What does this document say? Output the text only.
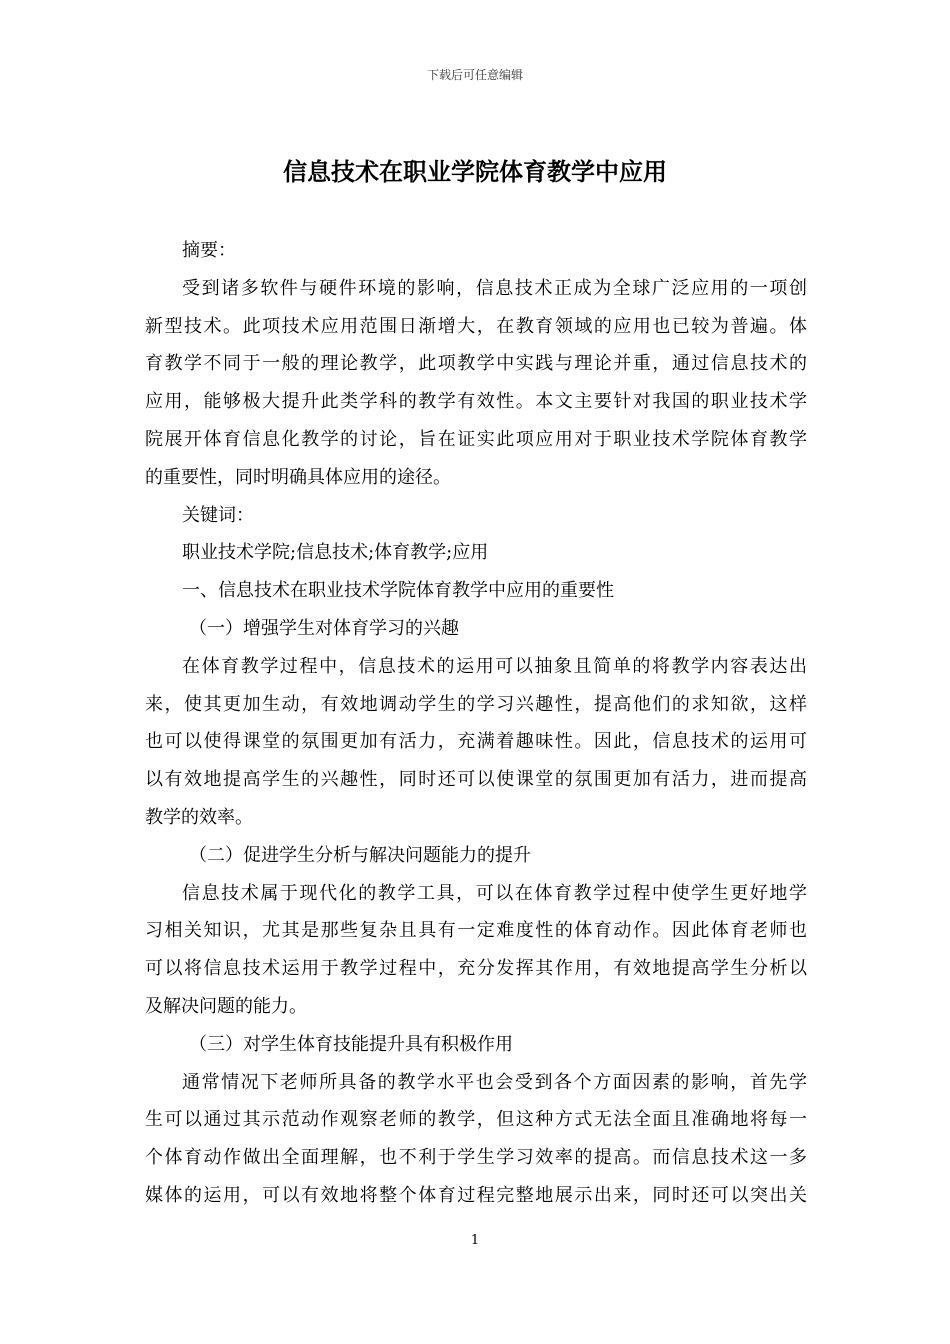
下载后可任意编辑
信息技术在职业学院体育教学中应用
摘要：
受到诸多软件与硬件环境的影响，信息技术正成为全球广泛应用的一项创
新型技术。此项技术应用范围日渐增大，在教育领域的应用也已较为普遍。体
育教学不同于一般的理论教学，此项教学中实践与理论并重，通过信息技术的
应用，能够极大提升此类学科的教学有效性。本文主要针对我国的职业技术学
院展开体育信息化教学的讨论，旨在证实此项应用对于职业技术学院体育教学
的重要性，同时明确具体应用的途径。
关键词：
职业技术学院;信息技术;体育教学;应用
一、信息技术在职业技术学院体育教学中应用的重要性
（一）增强学生对体育学习的兴趣
在体育教学过程中，信息技术的运用可以抽象且简单的将教学内容表达出
来，使其更加生动，有效地调动学生的学习兴趣性，提高他们的求知欲，这样
也可以使得课堂的氛围更加有活力，充满着趣味性。因此，信息技术的运用可
以有效地提高学生的兴趣性，同时还可以使课堂的氛围更加有活力，进而提高
教学的效率。
（二）促进学生分析与解决问题能力的提升
信息技术属于现代化的教学工具，可以在体育教学过程中使学生更好地学
习相关知识，尤其是那些复杂且具有一定难度性的体育动作。因此体育老师也
可以将信息技术运用于教学过程中，充分发挥其作用，有效地提高学生分析以
及解决问题的能力。
（三）对学生体育技能提升具有积极作用
通常情况下老师所具备的教学水平也会受到各个方面因素的影响，首先学
生可以通过其示范动作观察老师的教学，但这种方式无法全面且准确地将每一
个体育动作做出全面理解，也不利于学生学习效率的提高。而信息技术这一多
媒体的运用，可以有效地将整个体育过程完整地展示出来，同时还可以突出关
1
